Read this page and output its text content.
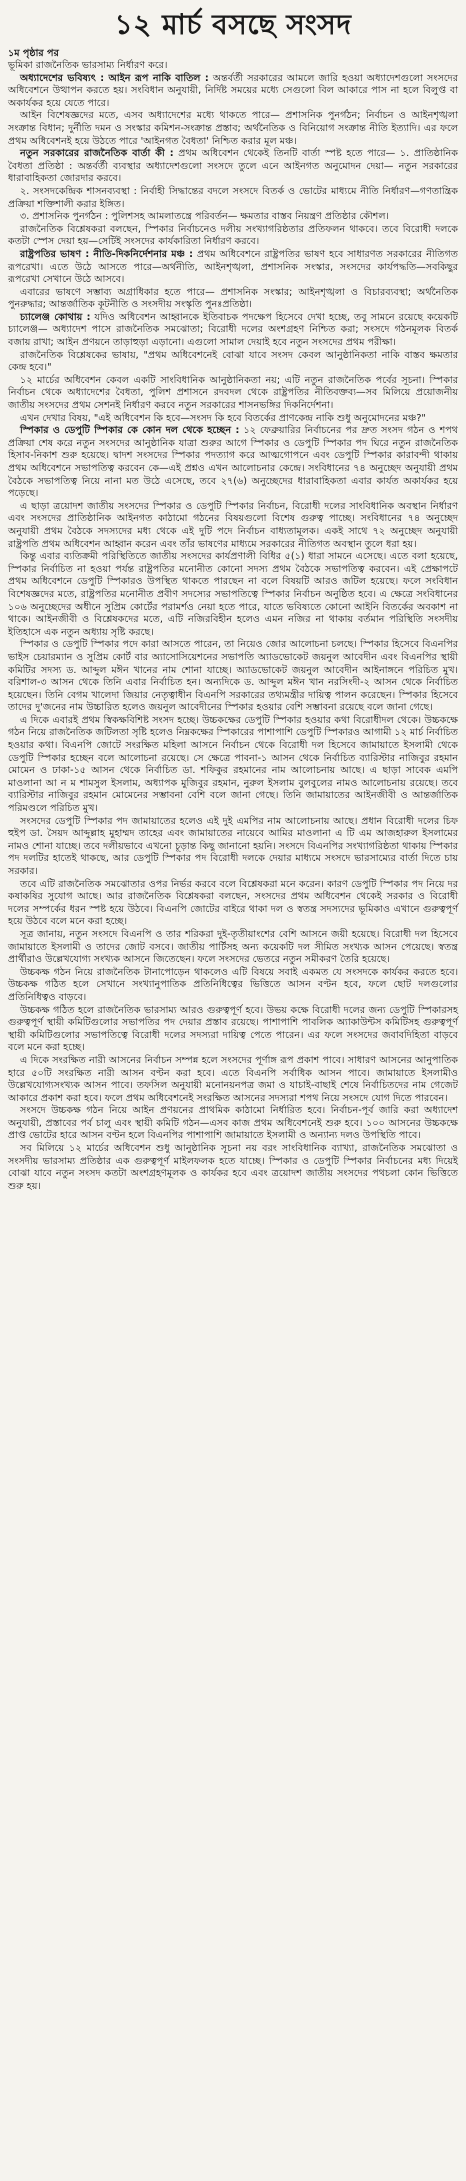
১২ মার্চ বসছে সংসদ
১ম পৃষ্ঠার পর

ভূমিকা রাজনৈতিক ভারসাম্য নির্ধারণ করে।

অধ্যাদেশের ভবিষ্যৎ : আইন রূপ নাকি বাতিল : অন্তর্বর্তী সরকারের আমলে জারি হওয়া অধ্যাদেশগুলো সংসদের অধিবেশনে উত্থাপন করতে হয়। সংবিধান অনুযায়ী, নির্দিষ্ট সময়ের মধ্যে সেগুলো বিল আকারে পাস না হলে বিলুপ্ত বা অকার্যকর হয়ে যেতে পারে।

আইন বিশেষজ্ঞদের মতে, এসব অধ্যাদেশের মধ্যে থাকতে পারে— প্রশাসনিক পুনর্গঠন; নির্বাচন ও আইনশৃঙ্খলা সংক্রান্ত বিধান; দুর্নীতি দমন ও সংস্কার কমিশন-সংক্রান্ত প্রস্তাব; অর্থনৈতিক ও বিনিয়োগ সংক্রান্ত নীতি ইত্যাদি। এর ফলে প্রথম অধিবেশনই হয়ে উঠতে পারে 'আইনগত বৈধতা' নিশ্চিত করার মূল মঞ্চ।

নতুন সরকারের রাজনৈতিক বার্তা কী : প্রথম অধিবেশন থেকেই তিনটি বার্তা স্পষ্ট হতে পারে— ১. প্রাতিষ্ঠানিক বৈধতা প্রতিষ্ঠা : অন্তর্বর্তী ব্যবস্থার অধ্যাদেশগুলো সংসদে তুলে এনে আইনগত অনুমোদন দেয়া— নতুন সরকারের ধারাবাহিকতা জোরদার করবে।

২. সংসদকেন্দ্রিক শাসনব্যবস্থা : নির্বাহী সিদ্ধান্তের বদলে সংসদে বিতর্ক ও ভোটের মাধ্যমে নীতি নির্ধারণ—গণতান্ত্রিক প্রক্রিয়া শক্তিশালী করার ইঙ্গিত।

৩. প্রশাসনিক পুনর্গঠন : পুলিশসহ আমলাতন্ত্রে পরিবর্তন— ক্ষমতার বাস্তব নিয়ন্ত্রণ প্রতিষ্ঠার কৌশল।

রাজনৈতিক বিশ্লেষকরা বলছেন, স্পিকার নির্বাচনেও দলীয় সংখ্যাগরিষ্ঠতার প্রতিফলন থাকবে। তবে বিরোধী দলকে কতটা স্পেস দেয়া হয়—সেটিই সংসদের কার্যকারিতা নির্ধারণ করবে।

রাষ্ট্রপতির ভাষণ : নীতি-দিকনির্দেশনার মঞ্চ : প্রথম অধিবেশনে রাষ্ট্রপতির ভাষণ হবে সাধারণত সরকারের নীতিগত রূপরেখা। এতে উঠে আসতে পারে—অর্থনীতি, আইনশৃঙ্খলা, প্রশাসনিক সংস্কার, সংসদের কার্যপদ্ধতি—সবকিছুর রূপরেখা সেখানে উঠে আসবে।

এবারের ভাষণে সম্ভাব্য অগ্রাধিকার হতে পারে— প্রশাসনিক সংস্কার; আইনশৃঙ্খলা ও বিচারব্যবস্থা; অর্থনৈতিক পুনরুদ্ধার; আন্তর্জাতিক কূটনীতি ও সংসদীয় সংস্কৃতি পুনঃপ্রতিষ্ঠা।

চ্যালেঞ্জ কোথায় : যদিও অধিবেশন আহ্বানকে ইতিবাচক পদক্ষেপ হিসেবে দেখা হচ্ছে, তবু সামনে রয়েছে কয়েকটি চ্যালেঞ্জ— অধ্যাদেশ পাসে রাজনৈতিক সমঝোতা; বিরোধী দলের অংশগ্রহণ নিশ্চিত করা; সংসদে গঠনমূলক বিতর্ক বজায় রাখা; আইন প্রণয়নে তাড়াহুড়া এড়ানো। এগুলো সামাল দেয়াই হবে নতুন সংসদের প্রথম পরীক্ষা।

রাজনৈতিক বিশ্লেষকের ভাষায়, "প্রথম অধিবেশনেই বোঝা যাবে সংসদ কেবল আনুষ্ঠানিকতা নাকি বাস্তব ক্ষমতার কেন্দ্র হবে।"

১২ মার্চের অধিবেশন কেবল একটি সাংবিধানিক আনুষ্ঠানিকতা নয়; এটি নতুন রাজনৈতিক পর্বের সূচনা। স্পিকার নির্বাচন থেকে অধ্যাদেশের বৈধতা, পুলিশ প্রশাসনে রদবদল থেকে রাষ্ট্রপতির নীতিবক্তব্য—সব মিলিয়ে প্রয়োজনীয় জাতীয় সংসদের প্রথম সেশনই নির্ধারণ করবে নতুন সরকারের শাসনভঙ্গির দিকনির্দেশনা।

এখন দেখার বিষয়, "এই অধিবেশন কি হবে—সংসদ কি হবে বিতর্কের প্রাণকেন্দ্র নাকি শুধু অনুমোদনের মঞ্চ?"

স্পিকার ও ডেপুটি স্পিকার কে কোন দল থেকে হচ্ছেন : ১২ ফেব্রুয়ারির নির্বাচনের পর দ্রুত সংসদ গঠন ও শপথ প্রক্রিয়া শেষ করে নতুন সংসদের আনুষ্ঠানিক যাত্রা শুরুর আগে স্পিকার ও ডেপুটি স্পিকার পদ ঘিরে নতুন রাজনৈতিক হিসাব-নিকাশ শুরু হয়েছে। দ্বাদশ সংসদের স্পিকার পদত্যাগ করে আত্মগোপনে এবং ডেপুটি স্পিকার কারাবন্দী থাকায় প্রথম অধিবেশনে সভাপতিত্ব করবেন কে—এই প্রশ্নও এখন আলোচনার কেন্দ্রে। সংবিধানের ৭৪ অনুচ্ছেদ অনুযায়ী প্রথম বৈঠকে সভাপতিত্ব নিয়ে নানা মত উঠে এসেছে, তবে ২৭(৬) অনুচ্ছেদের ধারাবাহিকতা এবার কার্যত অকার্যকর হয়ে পড়েছে।

এ ছাড়া ত্রয়োদশ জাতীয় সংসদের স্পিকার ও ডেপুটি স্পিকার নির্বাচন, বিরোধী দলের সাংবিধানিক অবস্থান নির্ধারণ এবং সংসদের প্রাতিষ্ঠানিক আইনগত কাঠামো গঠনের বিষয়গুলো বিশেষ গুরুত্ব পাচ্ছে। সংবিধানের ৭৪ অনুচ্ছেদ অনুযায়ী প্রথম বৈঠকে সদস্যদের মধ্য থেকে এই দুটি পদে নির্বাচন বাধ্যতামূলক। একই সাথে ৭২ অনুচ্ছেদ অনুযায়ী রাষ্ট্রপতি প্রথম অধিবেশন আহ্বান করেন এবং তাঁর ভাষণের মাধ্যমে সরকারের নীতিগত অবস্থান তুলে ধরা হয়।

কিন্তু এবার ব্যতিক্রমী পরিস্থিতিতে জাতীয় সংসদের কার্যপ্রণালী বিধির ৫(১) ধারা সামনে এসেছে। এতে বলা হয়েছে, স্পিকার নির্বাচিত না হওয়া পর্যন্ত রাষ্ট্রপতির মনোনীত কোনো সদস্য প্রথম বৈঠকে সভাপতিত্ব করবেন। এই প্রেক্ষাপটে প্রথম অধিবেশনে ডেপুটি স্পিকারও উপস্থিত থাকতে পারছেন না বলে বিষয়টি আরও জটিল হয়েছে। ফলে সংবিধান বিশেষজ্ঞদের মতে, রাষ্ট্রপতির মনোনীত প্রবীণ সদস্যের সভাপতিত্বে স্পিকার নির্বাচন অনুষ্ঠিত হবে। এ ক্ষেত্রে সংবিধানের ১০৬ অনুচ্ছেদের অধীনে সুপ্রিম কোর্টের পরামর্শও নেয়া হতে পারে, যাতে ভবিষ্যতে কোনো আইনি বিতর্কের অবকাশ না থাকে। আইনজীবী ও বিশ্লেষকদের মতে, এটি নজিরবিহীন হলেও এমন নজির না থাকায় বর্তমান পরিস্থিতি সংসদীয় ইতিহাসে এক নতুন অধ্যায় সৃষ্টি করছে।

স্পিকার ও ডেপুটি স্পিকার পদে কারা আসতে পারেন, তা নিয়েও জোর আলোচনা চলছে। স্পিকার হিসেবে বিএনপির ভাইস চেয়ারম্যান ও সুপ্রিম কোর্ট বার অ্যাসোসিয়েশনের সভাপতি অ্যাডভোকেট জয়নুল আবেদীন এবং বিএনপির স্থায়ী কমিটির সদস্য ড. আব্দুল মঈন খানের নাম শোনা যাচ্ছে। অ্যাডভোকেট জয়নুল আবেদীন আইনাঙ্গনে পরিচিত মুখ। বরিশাল-৩ আসন থেকে তিনি এবার নির্বাচিত হন। অন্যদিকে ড. আব্দুল মঈন খান নরসিংদী-২ আসন থেকে নির্বাচিত হয়েছেন। তিনি বেগম খালেদা জিয়ার নেতৃত্বাধীন বিএনপি সরকারের তথ্যমন্ত্রীর দায়িত্ব পালন করেছেন। স্পিকার হিসেবে তাদের দু'জনের নাম উচ্চারিত হলেও জয়নুল আবেদীনের স্পিকার হওয়ার বেশি সম্ভাবনা রয়েছে বলে জানা গেছে।

এ দিকে এবারই প্রথম স্বিকক্ষবিশিষ্ট সংসদ হচ্ছে। উচ্চকক্ষের ডেপুটি স্পিকার হওয়ার কথা বিরোধীদল থেকে। উচ্চকক্ষে গঠন নিয়ে রাজনৈতিক জটিলতা সৃষ্টি হলেও নিম্নকক্ষের স্পিকারের পাশাপাশি ডেপুটি স্পিকারও আগামী ১২ মার্চ নির্বাচিত হওয়ার কথা। বিএনপি জোটে সংরক্ষিত মহিলা আসনে নির্বাচন থেকে বিরোধী দল হিসেবে জামায়াতে ইসলামী থেকে ডেপুটি স্পিকার হচ্ছেন বলে আলোচনা রয়েছে। সে ক্ষেত্রে পাবনা-১ আসন থেকে নির্বাচিত ব্যারিস্টার নাজিবুর রহমান মোমেন ও ঢাকা-১৫ আসন থেকে নির্বাচিত ডা. শফিকুর রহমানের নাম আলোচনায় আছে। এ ছাড়া সাবেক এমপি মাওলানা আ ন ম শামসুল ইসলাম, অধ্যাপক মুজিবুর রহমান, নুরুল ইসলাম বুলবুলের নামও আলোচনায় রয়েছে। তবে ব্যারিস্টার নাজিবুর রহমান মোমেনের সম্ভাবনা বেশি বলে জানা গেছে। তিনি জামায়াতের আইনজীবী ও আন্তর্জাতিক পরিমণ্ডলে পরিচিত মুখ।

সংসদের ডেপুটি স্পিকার পদ জামায়াতের হলেও এই দুই এমপির নাম আলোচনায় আছে। প্রধান বিরোধী দলের চিফ হুইপ ডা. সৈয়দ আব্দুল্লাহ মুহাম্মদ তাহের এবং জামায়াতের নায়েবে আমির মাওলানা এ টি এম আজহারুল ইসলামের নামও শোনা যাচ্ছে। তবে দলীয়ভাবে এখনো চূড়ান্ত কিছু জানানো হয়নি। সংসদে বিএনপির সংখ্যাগরিষ্ঠতা থাকায় স্পিকার পদ দলটির হাতেই থাকছে, আর ডেপুটি স্পিকার পদ বিরোধী দলকে দেয়ার মাধ্যমে সংসদে ভারসাম্যের বার্তা দিতে চায় সরকার।

তবে এটি রাজনৈতিক সমঝোতার ওপর নির্ভর করবে বলে বিশ্লেষকরা মনে করেন। কারণ ডেপুটি স্পিকার পদ নিয়ে দর কষাকষির সুযোগ আছে। আর রাজনৈতিক বিশ্লেষকরা বলছেন, সংসদের প্রথম অধিবেশন থেকেই সরকার ও বিরোধী দলের সম্পর্কের ধরন স্পষ্ট হয়ে উঠবে। বিএনপি জোটের বাইরে থাকা দল ও স্বতন্ত্র সদস্যদের ভূমিকাও এখানে গুরুত্বপূর্ণ হয়ে উঠবে বলে মনে করা হচ্ছে।

সূত্র জানায়, নতুন সংসদে বিএনপি ও তার শরিকরা দুই-তৃতীয়াংশের বেশি আসনে জয়ী হয়েছে। বিরোধী দল হিসেবে জামায়াতে ইসলামী ও তাদের জোট বসবে। জাতীয় পার্টিসহ অন্য কয়েকটি দল সীমিত সংখ্যক আসন পেয়েছে। স্বতন্ত্র প্রার্থীরাও উল্লেখযোগ্য সংখ্যক আসনে জিতেছেন। ফলে সংসদের ভেতরে নতুন সমীকরণ তৈরি হয়েছে।

উচ্চকক্ষ গঠন নিয়ে রাজনৈতিক টানাপোড়েন থাকলেও এটি বিষয়ে সবাই একমত যে সংসদকে কার্যকর করতে হবে। উচ্চকক্ষ গঠিত হলে সেখানে সংখ্যানুপাতিক প্রতিনিধিত্বের ভিত্তিতে আসন বণ্টন হবে, ফলে ছোট দলগুলোর প্রতিনিধিত্বও বাড়বে।

উচ্চকক্ষ গঠিত হলে রাজনৈতিক ভারসাম্য আরও গুরুত্বপূর্ণ হবে। উভয় কক্ষে বিরোধী দলের জন্য ডেপুটি স্পিকারসহ গুরুত্বপূর্ণ স্থায়ী কমিটিগুলোর সভাপতির পদ দেয়ার প্রস্তাব রয়েছে। পাশাপাশি পাবলিক অ্যাকাউন্টস কমিটিসহ গুরুত্বপূর্ণ স্থায়ী কমিটিগুলোর সভাপতিত্বে বিরোধী দলের সদস্যরা দায়িত্ব পেতে পারেন। এর ফলে সংসদের জবাবদিহিতা বাড়বে বলে মনে করা হচ্ছে।

এ দিকে সংরক্ষিত নারী আসনের নির্বাচন সম্পন্ন হলে সংসদের পূর্ণাঙ্গ রূপ প্রকাশ পাবে। সাধারণ আসনের আনুপাতিক হারে ৫০টি সংরক্ষিত নারী আসন বণ্টন করা হবে। এতে বিএনপি সর্বাধিক আসন পাবে। জামায়াতে ইসলামীও উল্লেখযোগ্যসংখ্যক আসন পাবে। তফসিল অনুযায়ী মনোনয়নপত্র জমা ও যাচাই-বাছাই শেষে নির্বাচিতদের নাম গেজেট আকারে প্রকাশ করা হবে। ফলে প্রথম অধিবেশনেই সংরক্ষিত আসনের সদস্যরা শপথ নিয়ে সংসদে যোগ দিতে পারবেন।

সংসদে উচ্চকক্ষ গঠন নিয়ে আইন প্রণয়নের প্রাথমিক কাঠামো নির্ধারিত হবে। নির্বাচন-পূর্ব জারি করা অধ্যাদেশ অনুযায়ী, প্রস্তাবের পর্ব চালু এবং স্থায়ী কমিটি গঠন—এসব কাজ প্রথম অধিবেশনেই শুরু হবে। ১০০ আসনের উচ্চকক্ষে প্রাপ্ত ভোটের হারে আসন বণ্টন হলে বিএনপির পাশাপাশি জামায়াতে ইসলামী ও অন্যান্য দলও উপস্থিতি পাবে।

সব মিলিয়ে ১২ মার্চের অধিবেশন শুধু আনুষ্ঠানিক সূচনা নয় বরং সাংবিধানিক ব্যাখ্যা, রাজনৈতিক সমঝোতা ও সংসদীয় ভারসাম্য প্রতিষ্ঠার এক গুরুত্বপূর্ণ মাইলফলক হতে যাচ্ছে। স্পিকার ও ডেপুটি স্পিকার নির্বাচনের মধ্য দিয়েই বোঝা যাবে নতুন সংসদ কতটা অংশগ্রহণমূলক ও কার্যকর হবে এবং ত্রয়োদশ জাতীয় সংসদের পথচলা কোন ভিত্তিতে শুরু হয়।
